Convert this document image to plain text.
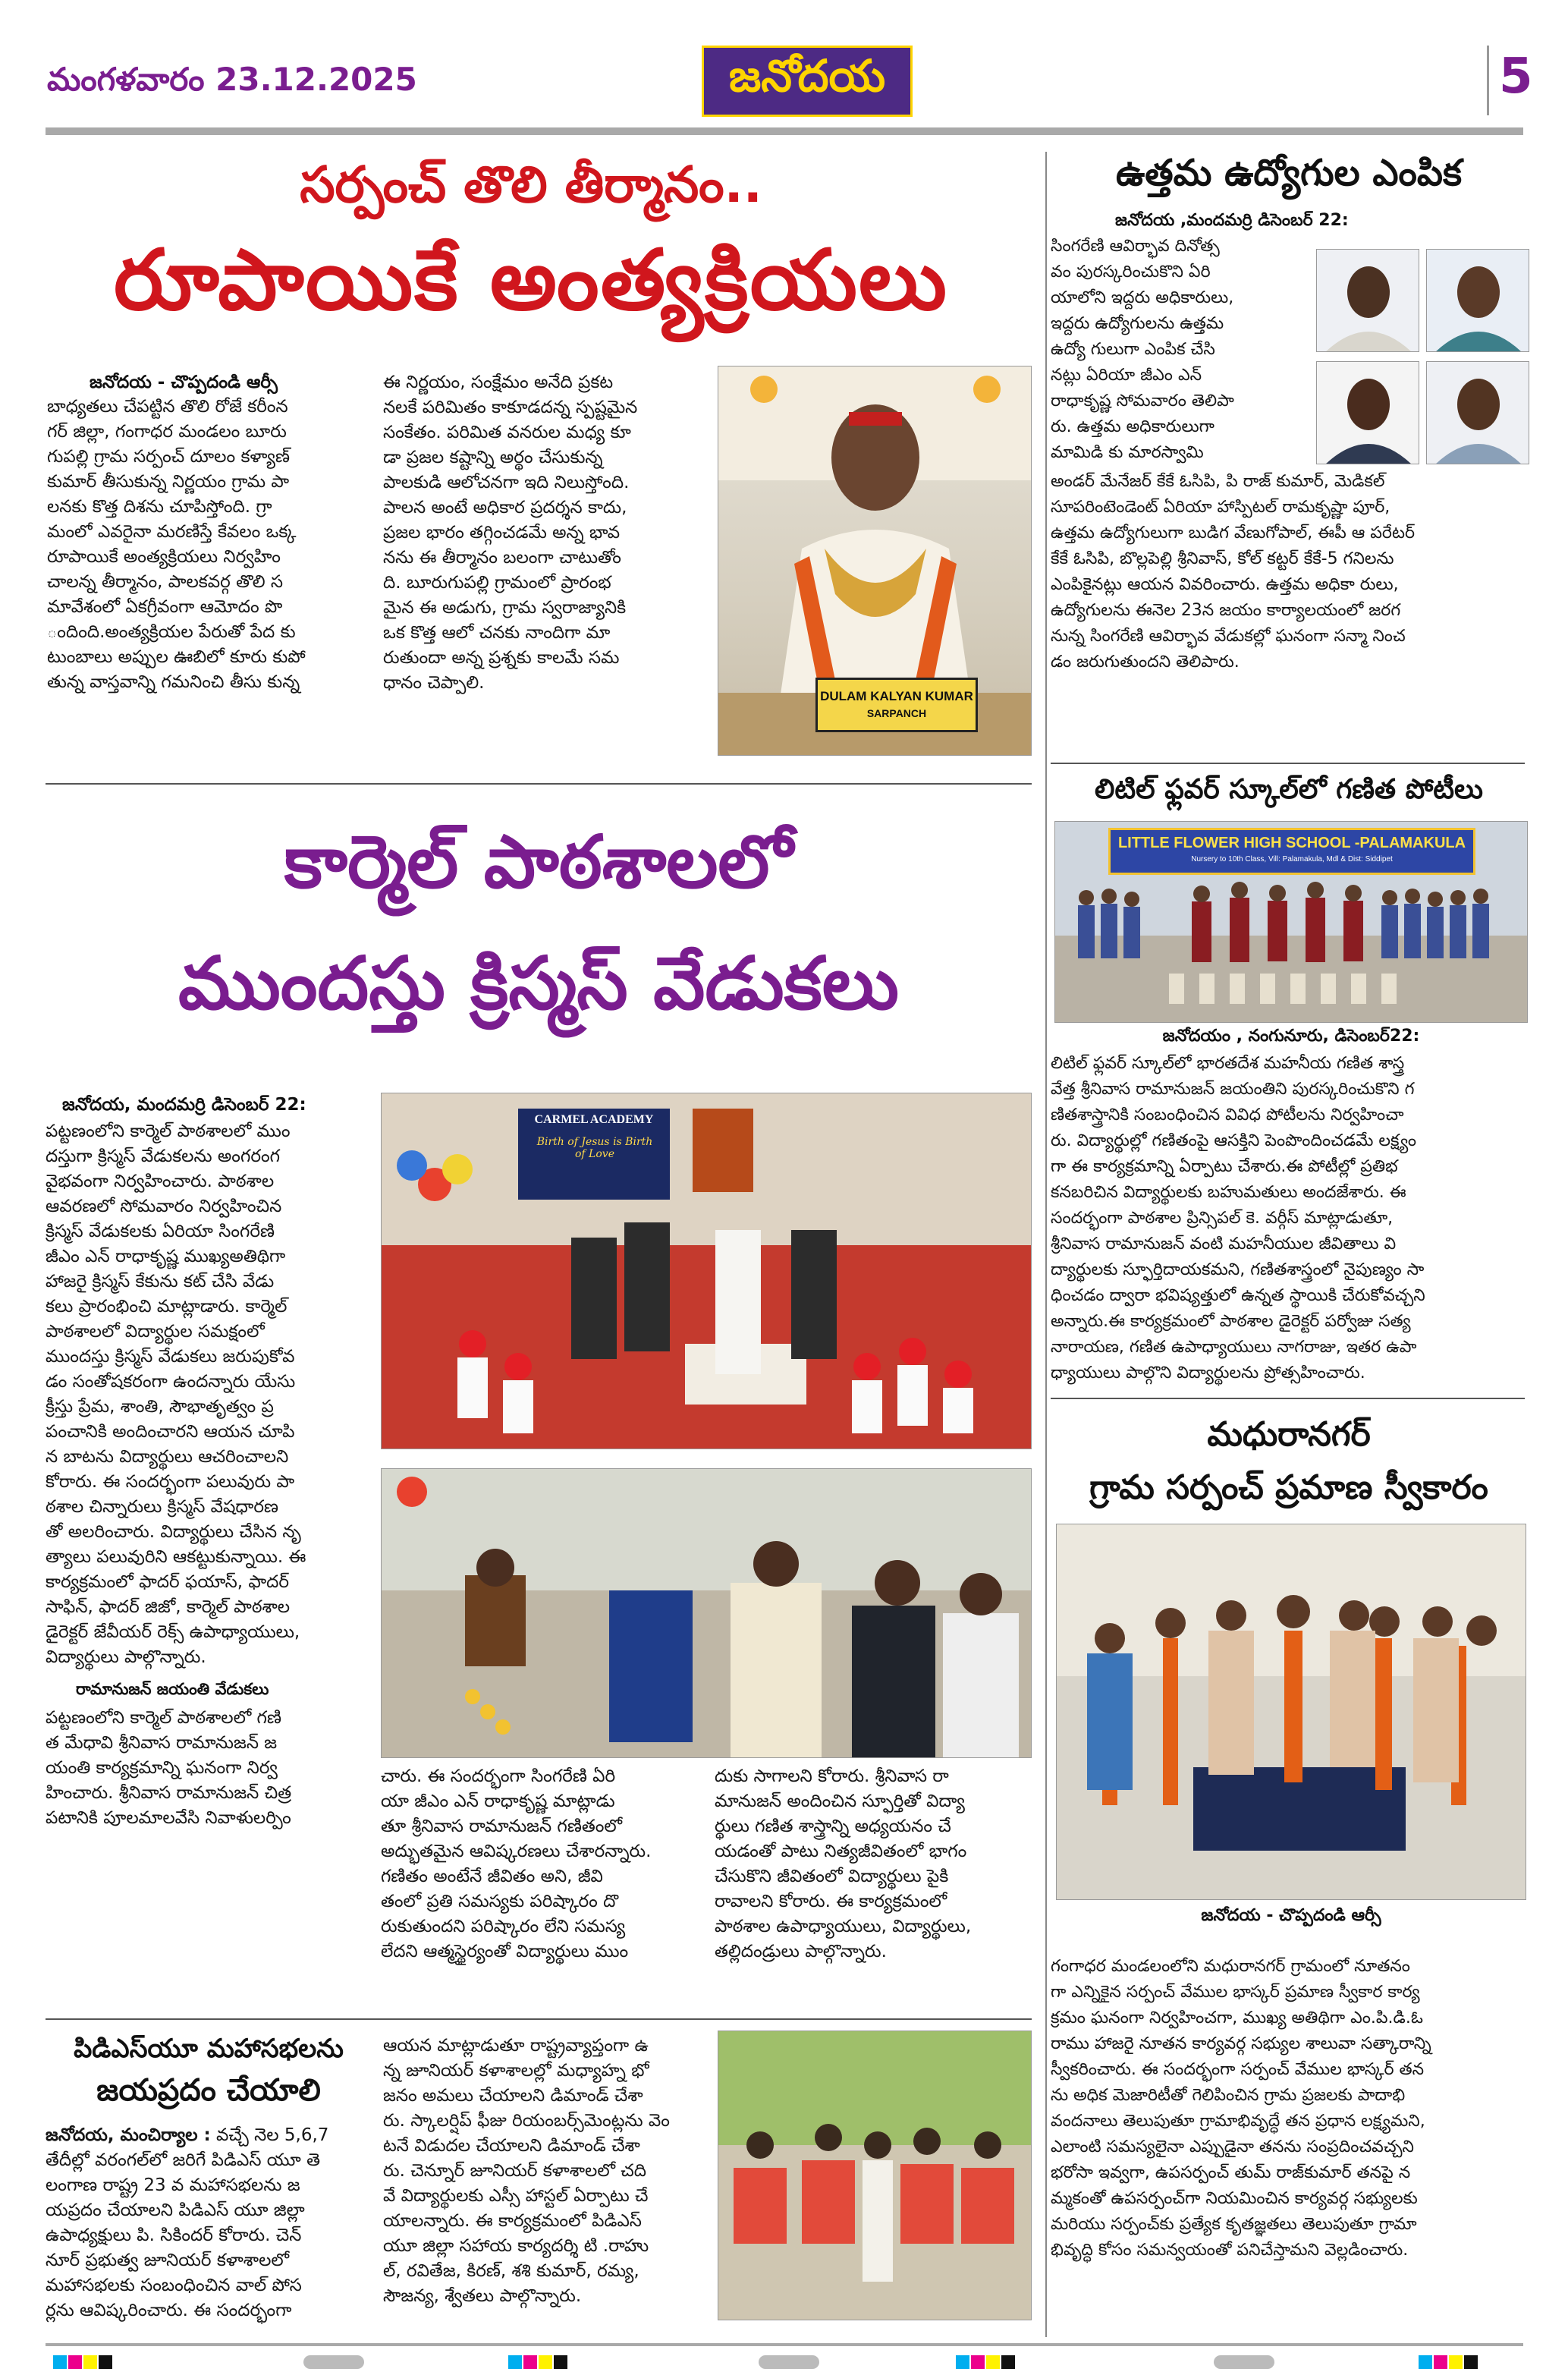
మంగళవారం 23.12.2025	జనోదయ	5
సర్పంచ్ తొలి తీర్మానం..
రూపాయికే అంత్యక్రియలు
జనోదయ - చొప్పదండి ఆర్సీ
బాధ్యతలు చేపట్టిన తొలి రోజే కరీంన
గర్ జిల్లా, గంగాధర మండలం బూరు
గుపల్లి గ్రామ సర్పంచ్ దూలం కళ్యాణ్
కుమార్ తీసుకున్న నిర్ణయం గ్రామ పా
లనకు కొత్త దిశను చూపిస్తోంది. గ్రా
మంలో ఎవరైనా మరణిస్తే కేవలం ఒక్క
రూపాయికే అంత్యక్రియలు నిర్వహిం
చాలన్న తీర్మానం, పాలకవర్గ తొలి స
మావేశంలో ఏకగ్రీవంగా ఆమోదం పొ
ందింది.అంత్యక్రియల పేరుతో పేద కు
టుంబాలు అప్పుల ఊబిలో కూరు కుపో
తున్న వాస్తవాన్ని గమనించి తీసు కున్న
ఈ నిర్ణయం, సంక్షేమం అనేది ప్రకట
నలకే పరిమితం కాకూడదన్న స్పష్టమైన
సంకేతం. పరిమిత వనరుల మధ్య కూ
డా ప్రజల కష్టాన్ని అర్థం చేసుకున్న
పాలకుడి ఆలోచనగా ఇది నిలుస్తోంది.
పాలన అంటే అధికార ప్రదర్శన కాదు,
ప్రజల భారం తగ్గించడమే అన్న భావ
నను ఈ తీర్మానం బలంగా చాటుతోం
ది. బూరుగుపల్లి గ్రామంలో ప్రారంభ
మైన ఈ అడుగు, గ్రామ స్వరాజ్యానికి
ఒక కొత్త ఆలో చనకు నాందిగా మా
రుతుందా అన్న ప్రశ్నకు కాలమే సమ
ధానం చెప్పాలి.
DULAM KALYAN KUMAR
SARPANCH
ఉత్తమ ఉద్యోగుల ఎంపిక
జనోదయ ,మందమర్రి డిసెంబర్ 22:
సింగరేణి ఆవిర్భావ దినోత్స
వం పురస్కరించుకొని ఏరి
యాలోని ఇద్దరు అధికారులు,
ఇద్దరు ఉద్యోగులను ఉత్తమ
ఉద్యో గులుగా ఎంపిక చేసి
నట్లు ఏరియా జీఎం ఎన్
రాధాకృష్ణ సోమవారం తెలిపా
రు. ఉత్తమ అధికారులుగా
మామిడి కు మారస్వామి
అండర్ మేనేజర్ కేకే ఓసిపి, పి రాజ్ కుమార్, మెడికల్
సూపరింటెండెంట్ ఏరియా హాస్పిటల్ రామకృష్ణా పూర్,
ఉత్తమ ఉద్యోగులుగా బుడిగ వేణుగోపాల్, ఈపీ ఆ పరేటర్
కేకే ఓసిపి, బొల్లపెల్లి శ్రీనివాస్, కోల్ కట్టర్ కేకే-5 గనిలను
ఎంపికైనట్లు ఆయన వివరించారు. ఉత్తమ అధికా రులు,
ఉద్యోగులను ఈనెల 23న జయం కార్యాలయంలో జరగ
నున్న సింగరేణి ఆవిర్భావ వేడుకల్లో ఘనంగా సన్మా నించ
డం జరుగుతుందని తెలిపారు.
లిటిల్ ఫ్లవర్ స్కూల్‌లో గణిత పోటీలు
LITTLE FLOWER HIGH SCHOOL -PALAMAKULA
Nursery to 10th Class, Vill: Palamakula, Mdl & Dist: Siddipet
జనోదయం , నంగునూరు, డిసెంబర్22:
లిటిల్ ఫ్లవర్ స్కూల్‌లో భారతదేశ మహనీయ గణిత శాస్త్ర
వేత్త శ్రీనివాస రామానుజన్ జయంతిని పురస్కరించుకొని గ
ణితశాస్త్రానికి సంబంధించిన వివిధ పోటీలను నిర్వహించా
రు. విద్యార్థుల్లో గణితంపై ఆసక్తిని పెంపొందించడమే లక్ష్యం
గా ఈ కార్యక్రమాన్ని ఏర్పాటు చేశారు.ఈ పోటీల్లో ప్రతిభ
కనబరిచిన విద్యార్థులకు బహుమతులు అందజేశారు. ఈ
సందర్భంగా పాఠశాల ప్రిన్సిపల్ కె. వర్గీస్ మాట్లాడుతూ,
శ్రీనివాస రామానుజన్ వంటి మహనీయుల జీవితాలు వి
ద్యార్థులకు స్ఫూర్తిదాయకమని, గణితశాస్త్రంలో నైపుణ్యం సా
ధించడం ద్వారా భవిష్యత్తులో ఉన్నత స్థాయికి చేరుకోవచ్చని
అన్నారు.ఈ కార్యక్రమంలో పాఠశాల డైరెక్టర్ పర్వోజు సత్య
నారాయణ, గణిత ఉపాధ్యాయులు నాగరాజు, ఇతర ఉపా
ధ్యాయులు పాల్గొని విద్యార్థులను ప్రోత్సహించారు.
మధురానగర్
గ్రామ సర్పంచ్ ప్రమాణ స్వీకారం
జనోదయ - చొప్పదండి ఆర్సీ
గంగాధర మండలంలోని మధురానగర్ గ్రామంలో నూతనం
గా ఎన్నికైన సర్పంచ్ వేముల భాస్కర్ ప్రమాణ స్వీకార కార్య
క్రమం ఘనంగా నిర్వహించగా, ముఖ్య అతిథిగా ఎం.పి.డి.ఓ
రాము హాజరై నూతన కార్యవర్గ సభ్యుల శాలువా సత్కారాన్ని
స్వీకరించారు. ఈ సందర్భంగా సర్పంచ్ వేముల భాస్కర్ తన
ను అధిక మెజారిటీతో గెలిపించిన గ్రామ ప్రజలకు పాదాభి
వందనాలు తెలుపుతూ గ్రామాభివృద్ధే తన ప్రధాన లక్ష్యమని,
ఎలాంటి సమస్యలైనా ఎప్పుడైనా తనను సంప్రదించవచ్చని
భరోసా ఇవ్వగా, ఉపసర్పంచ్ తుమ్ రాజ్‌కుమార్ తనపై న
మ్మకంతో ఉపసర్పంచ్‌గా నియమించిన కార్యవర్గ సభ్యులకు
మరియు సర్పంచ్‌కు ప్రత్యేక కృతజ్ఞతలు తెలుపుతూ గ్రామా
భివృద్ధి కోసం సమన్వయంతో పనిచేస్తామని వెల్లడించారు.
కార్మెల్ పాఠశాలలో
ముందస్తు క్రిస్మస్ వేడుకలు
జనోదయ, మందమర్రి డిసెంబర్ 22:
పట్టణంలోని కార్మెల్ పాఠశాలలో ముం
దస్తుగా క్రిస్మస్ వేడుకలను అంగరంగ
వైభవంగా నిర్వహించారు. పాఠశాల
ఆవరణలో సోమవారం నిర్వహించిన
క్రిస్మస్ వేడుకలకు ఏరియా సింగరేణి
జీఎం ఎన్ రాధాకృష్ణ ముఖ్యఅతిథిగా
హాజరై క్రిస్మస్ కేకును కట్ చేసి వేడు
కలు ప్రారంభించి మాట్లాడారు. కార్మెల్
పాఠశాలలో విద్యార్థుల సమక్షంలో
ముందస్తు క్రిస్మస్ వేడుకలు జరుపుకోవ
డం సంతోషకరంగా ఉందన్నారు యేసు
క్రీస్తు ప్రేమ, శాంతి, సౌభాతృత్వం ప్ర
పంచానికి అందించారని ఆయన చూపి
న బాటను విద్యార్థులు ఆచరించాలని
కోరారు. ఈ సందర్భంగా పలువురు పా
ఠశాల చిన్నారులు క్రిస్మస్ వేషధారణ
తో అలరించారు. విద్యార్థులు చేసిన నృ
త్యాలు పలువురిని ఆకట్టుకున్నాయి. ఈ
కార్యక్రమంలో ఫాదర్ ఫయాస్, ఫాదర్
సాఫిన్, ఫాదర్ జిజో, కార్మెల్ పాఠశాల
డైరెక్టర్ జేవీయర్ రెక్స్ ఉపాధ్యాయులు,
విద్యార్థులు పాల్గొన్నారు.
రామానుజన్ జయంతి వేడుకలు
పట్టణంలోని కార్మెల్ పాఠశాలలో గణి
త మేధావి శ్రీనివాస రామానుజన్ జ
యంతి కార్యక్రమాన్ని ఘనంగా నిర్వ
హించారు. శ్రీనివాస రామానుజన్ చిత్ర
పటానికి పూలమాలవేసి నివాళులర్పిం
CARMEL ACADEMY
Birth of Jesus is Birth of Love
చారు. ఈ సందర్భంగా సింగరేణి ఏరి
యా జీఎం ఎన్ రాధాకృష్ణ మాట్లాడు
తూ శ్రీనివాస రామానుజన్ గణితంలో
అద్భుతమైన ఆవిష్కరణలు చేశారన్నారు.
గణితం అంటేనే జీవితం అని, జీవి
తంలో ప్రతి సమస్యకు పరిష్కారం దొ
రుకుతుందని పరిష్కారం లేని సమస్య
లేదని ఆత్మస్థైర్యంతో విద్యార్థులు ముం
దుకు సాగాలని కోరారు. శ్రీనివాస రా
మానుజన్ అందించిన స్ఫూర్తితో విద్యా
ర్థులు గణిత శాస్త్రాన్ని అధ్యయనం చే
యడంతో పాటు నిత్యజీవితంలో భాగం
చేసుకొని జీవితంలో విద్యార్థులు పైకి
రావాలని కోరారు. ఈ కార్యక్రమంలో
పాఠశాల ఉపాధ్యాయులు, విద్యార్థులు,
తల్లిదండ్రులు పాల్గొన్నారు.
పిడిఎస్‌యూ మహాసభలను
జయప్రదం చేయాలి
జనోదయ, మంచిర్యాల : వచ్చే నెల 5,6,7
తేదీల్లో వరంగల్‌లో జరిగే పిడిఎస్ యూ తె
లంగాణ రాష్ట్ర 23 వ మహాసభలను జ
యప్రదం చేయాలని పిడిఎస్ యూ జిల్లా
ఉపాధ్యక్షులు పి. సికిందర్ కోరారు. చెన్
నూర్ ప్రభుత్వ జూనియర్ కళాశాలలో
మహాసభలకు సంబంధించిన వాల్ పోస
ర్లను ఆవిష్కరించారు. ఈ సందర్భంగా
ఆయన మాట్లాడుతూ రాష్ట్రవ్యాప్తంగా ఉ
న్న జూనియర్ కళాశాలల్లో మధ్యాహ్న భో
జనం అమలు చేయాలని డిమాండ్ చేశా
రు. స్కాలర్షిప్ ఫీజు రియంబర్స్‌మెంట్లను వెం
టనే విడుదల చేయాలని డిమాండ్ చేశా
రు. చెన్నూర్ జూనియర్ కళాశాలలో చది
వే విద్యార్థులకు ఎస్సీ హాస్టల్ ఏర్పాటు చే
యాలన్నారు. ఈ కార్యక్రమంలో పిడిఎస్
యూ జిల్లా సహాయ కార్యదర్శి టి .రాహు
ల్, రవితేజ, కిరణ్, శశి కుమార్, రమ్య,
సౌజన్య, శ్వేతలు పాల్గొన్నారు.
